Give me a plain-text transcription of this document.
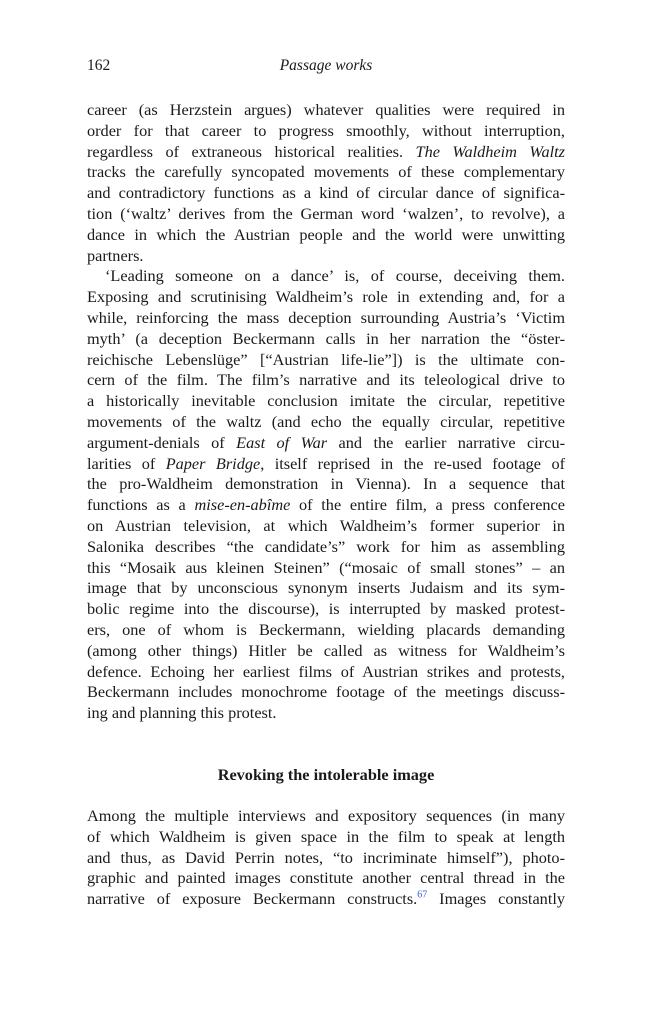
162	Passage works
career (as Herzstein argues) whatever qualities were required in
order for that career to progress smoothly, without interruption,
regardless of extraneous historical realities. The Waldheim Waltz
tracks the carefully syncopated movements of these complementary
and contradictory functions as a kind of circular dance of significa-
tion (‘waltz’ derives from the German word ‘walzen’, to revolve), a
dance in which the Austrian people and the world were unwitting
partners.
‘Leading someone on a dance’ is, of course, deceiving them.
Exposing and scrutinising Waldheim’s role in extending and, for a
while, reinforcing the mass deception surrounding Austria’s ‘Victim
myth’ (a deception Beckermann calls in her narration the “öster-
reichische Lebenslüge” [“Austrian life-lie”]) is the ultimate con-
cern of the film. The film’s narrative and its teleological drive to
a historically inevitable conclusion imitate the circular, repetitive
movements of the waltz (and echo the equally circular, repetitive
argument-denials of East of War and the earlier narrative circu-
larities of Paper Bridge, itself reprised in the re-used footage of
the pro-Waldheim demonstration in Vienna). In a sequence that
functions as a mise-en-abîme of the entire film, a press conference
on Austrian television, at which Waldheim’s former superior in
Salonika describes “the candidate’s” work for him as assembling
this “Mosaik aus kleinen Steinen” (“mosaic of small stones” – an
image that by unconscious synonym inserts Judaism and its sym-
bolic regime into the discourse), is interrupted by masked protest-
ers, one of whom is Beckermann, wielding placards demanding
(among other things) Hitler be called as witness for Waldheim’s
defence. Echoing her earliest films of Austrian strikes and protests,
Beckermann includes monochrome footage of the meetings discuss-
ing and planning this protest.
Revoking the intolerable image
Among the multiple interviews and expository sequences (in many
of which Waldheim is given space in the film to speak at length
and thus, as David Perrin notes, “to incriminate himself”), photo-
graphic and painted images constitute another central thread in the
narrative of exposure Beckermann constructs.$^{67}$ Images constantly
